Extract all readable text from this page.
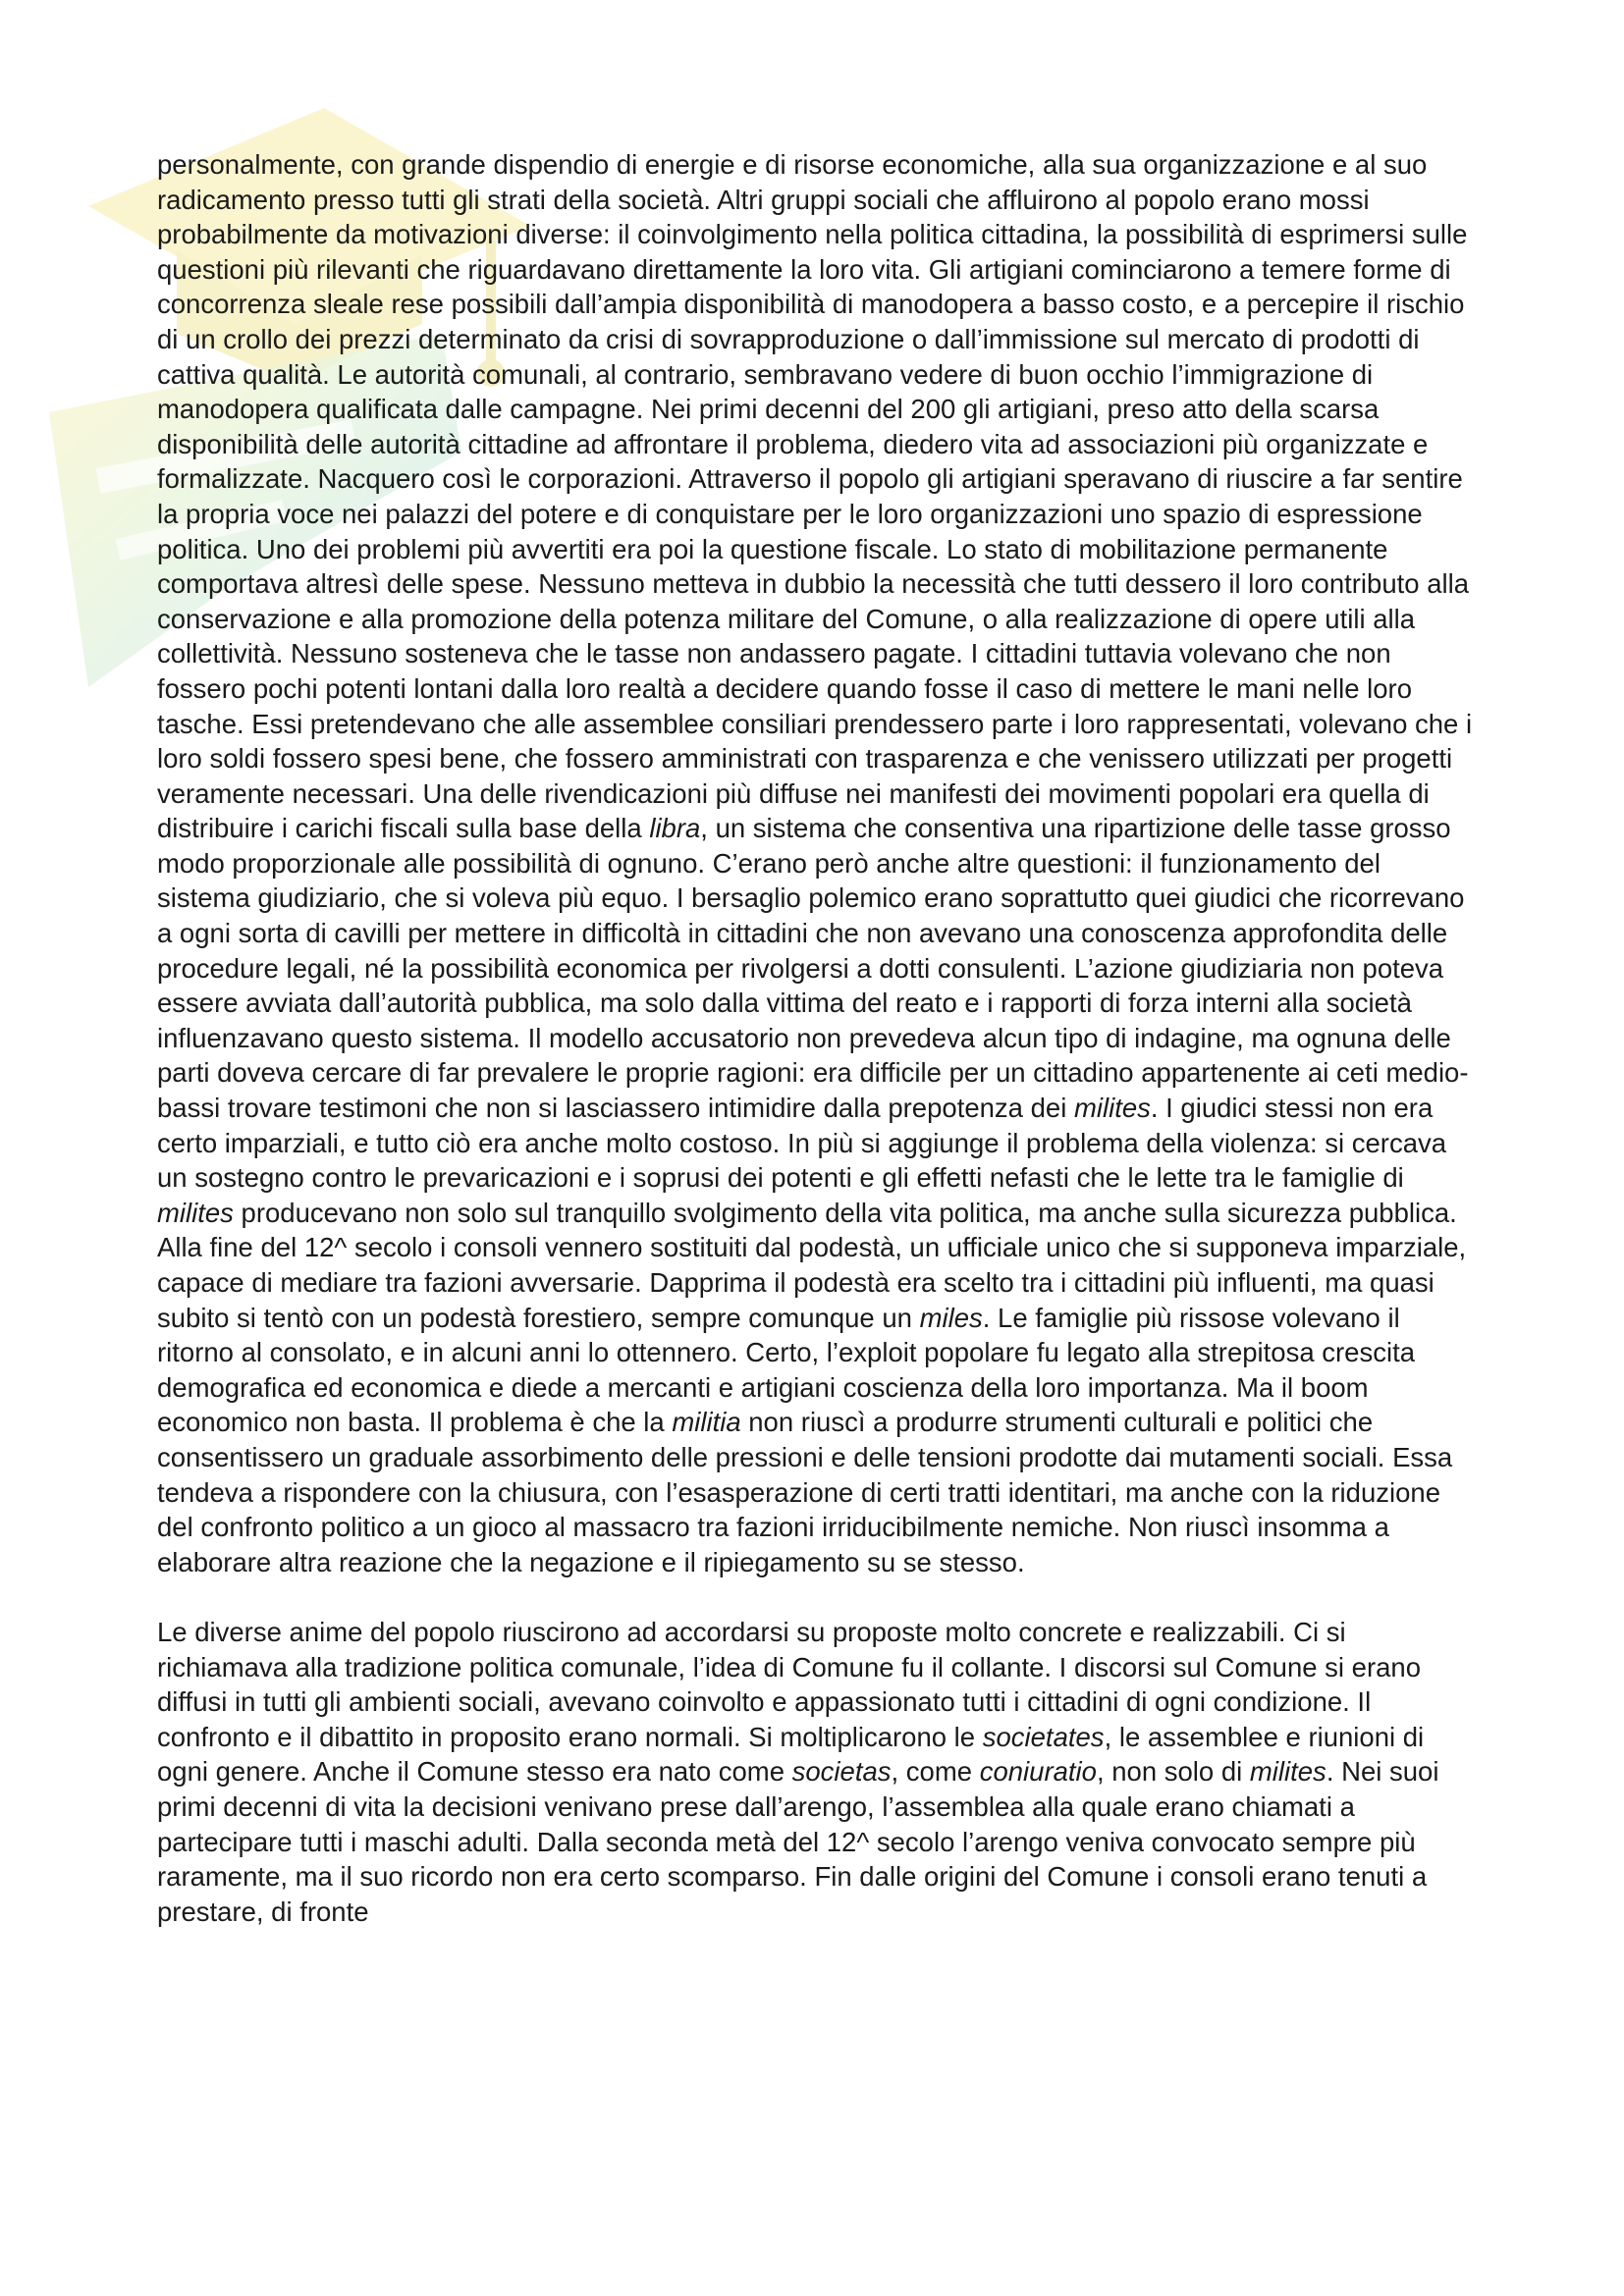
personalmente, con grande dispendio di energie e di risorse economiche, alla sua organizzazione e al suo radicamento presso tutti gli strati della società. Altri gruppi sociali che affluirono al popolo erano mossi probabilmente da motivazioni diverse: il coinvolgimento nella politica cittadina, la possibilità di esprimersi sulle questioni più rilevanti che riguardavano direttamente la loro vita. Gli artigiani cominciarono a temere forme di concorrenza sleale rese possibili dall’ampia disponibilità di manodopera a basso costo, e a percepire il rischio di un crollo dei prezzi determinato da crisi di sovrapproduzione o dall’immissione sul mercato di prodotti di cattiva qualità. Le autorità comunali, al contrario, sembravano vedere di buon occhio l’immigrazione di manodopera qualificata dalle campagne. Nei primi decenni del 200 gli artigiani, preso atto della scarsa disponibilità delle autorità cittadine ad affrontare il problema, diedero vita ad associazioni più organizzate e formalizzate. Nacquero così le corporazioni. Attraverso il popolo gli artigiani speravano di riuscire a far sentire la propria voce nei palazzi del potere e di conquistare per le loro organizzazioni uno spazio di espressione politica. Uno dei problemi più avvertiti era poi la questione fiscale. Lo stato di mobilitazione permanente comportava altresì delle spese. Nessuno metteva in dubbio la necessità che tutti dessero il loro contributo alla conservazione e alla promozione della potenza militare del Comune, o alla realizzazione di opere utili alla collettività. Nessuno sosteneva che le tasse non andassero pagate. I cittadini tuttavia volevano che non fossero pochi potenti lontani dalla loro realtà a decidere quando fosse il caso di mettere le mani nelle loro tasche. Essi pretendevano che alle assemblee consiliari prendessero parte i loro rappresentati, volevano che i loro soldi fossero spesi bene, che fossero amministrati con trasparenza e che venissero utilizzati per progetti veramente necessari. Una delle rivendicazioni più diffuse nei manifesti dei movimenti popolari era quella di distribuire i carichi fiscali sulla base della libra, un sistema che consentiva una ripartizione delle tasse grosso modo proporzionale alle possibilità di ognuno. C’erano però anche altre questioni: il funzionamento del sistema giudiziario, che si voleva più equo. I bersaglio polemico erano soprattutto quei giudici che ricorrevano a ogni sorta di cavilli per mettere in difficoltà in cittadini che non avevano una conoscenza approfondita delle procedure legali, né la possibilità economica per rivolgersi a dotti consulenti. L’azione giudiziaria non poteva essere avviata dall’autorità pubblica, ma solo dalla vittima del reato e i rapporti di forza interni alla società influenzavano questo sistema. Il modello accusatorio non prevedeva alcun tipo di indagine, ma ognuna delle parti doveva cercare di far prevalere le proprie ragioni: era difficile per un cittadino appartenente ai ceti medio-bassi trovare testimoni che non si lasciassero intimidire dalla prepotenza dei milites. I giudici stessi non era certo imparziali, e tutto ciò era anche molto costoso. In più si aggiunge il problema della violenza: si cercava un sostegno contro le prevaricazioni e i soprusi dei potenti e gli effetti nefasti che le lette tra le famiglie di milites producevano non solo sul tranquillo svolgimento della vita politica, ma anche sulla sicurezza pubblica. Alla fine del 12^ secolo i consoli vennero sostituiti dal podestà, un ufficiale unico che si supponeva imparziale, capace di mediare tra fazioni avversarie. Dapprima il podestà era scelto tra i cittadini più influenti, ma quasi subito si tentò con un podestà forestiero, sempre comunque un miles. Le famiglie più rissose volevano il ritorno al consolato, e in alcuni anni lo ottennero. Certo, l’exploit popolare fu legato alla strepitosa crescita demografica ed economica e diede a mercanti e artigiani coscienza della loro importanza. Ma il boom economico non basta. Il problema è che la militia non riuscì a produrre strumenti culturali e politici che consentissero un graduale assorbimento delle pressioni e delle tensioni prodotte dai mutamenti sociali. Essa tendeva a rispondere con la chiusura, con l’esasperazione di certi tratti identitari, ma anche con la riduzione del confronto politico a un gioco al massacro tra fazioni irriducibilmente nemiche. Non riuscì insomma a elaborare altra reazione che la negazione e il ripiegamento su se stesso.

Le diverse anime del popolo riuscirono ad accordarsi su proposte molto concrete e realizzabili. Ci si richiamava alla tradizione politica comunale, l’idea di Comune fu il collante. I discorsi sul Comune si erano diffusi in tutti gli ambienti sociali, avevano coinvolto e appassionato tutti i cittadini di ogni condizione. Il confronto e il dibattito in proposito erano normali. Si moltiplicarono le societates, le assemblee e riunioni di ogni genere. Anche il Comune stesso era nato come societas, come coniuratio, non solo di milites. Nei suoi primi decenni di vita la decisioni venivano prese dall’arengo, l’assemblea alla quale erano chiamati a partecipare tutti i maschi adulti. Dalla seconda metà del 12^ secolo l’arengo veniva convocato sempre più raramente, ma il suo ricordo non era certo scomparso. Fin dalle origini del Comune i consoli erano tenuti a prestare, di fronte
